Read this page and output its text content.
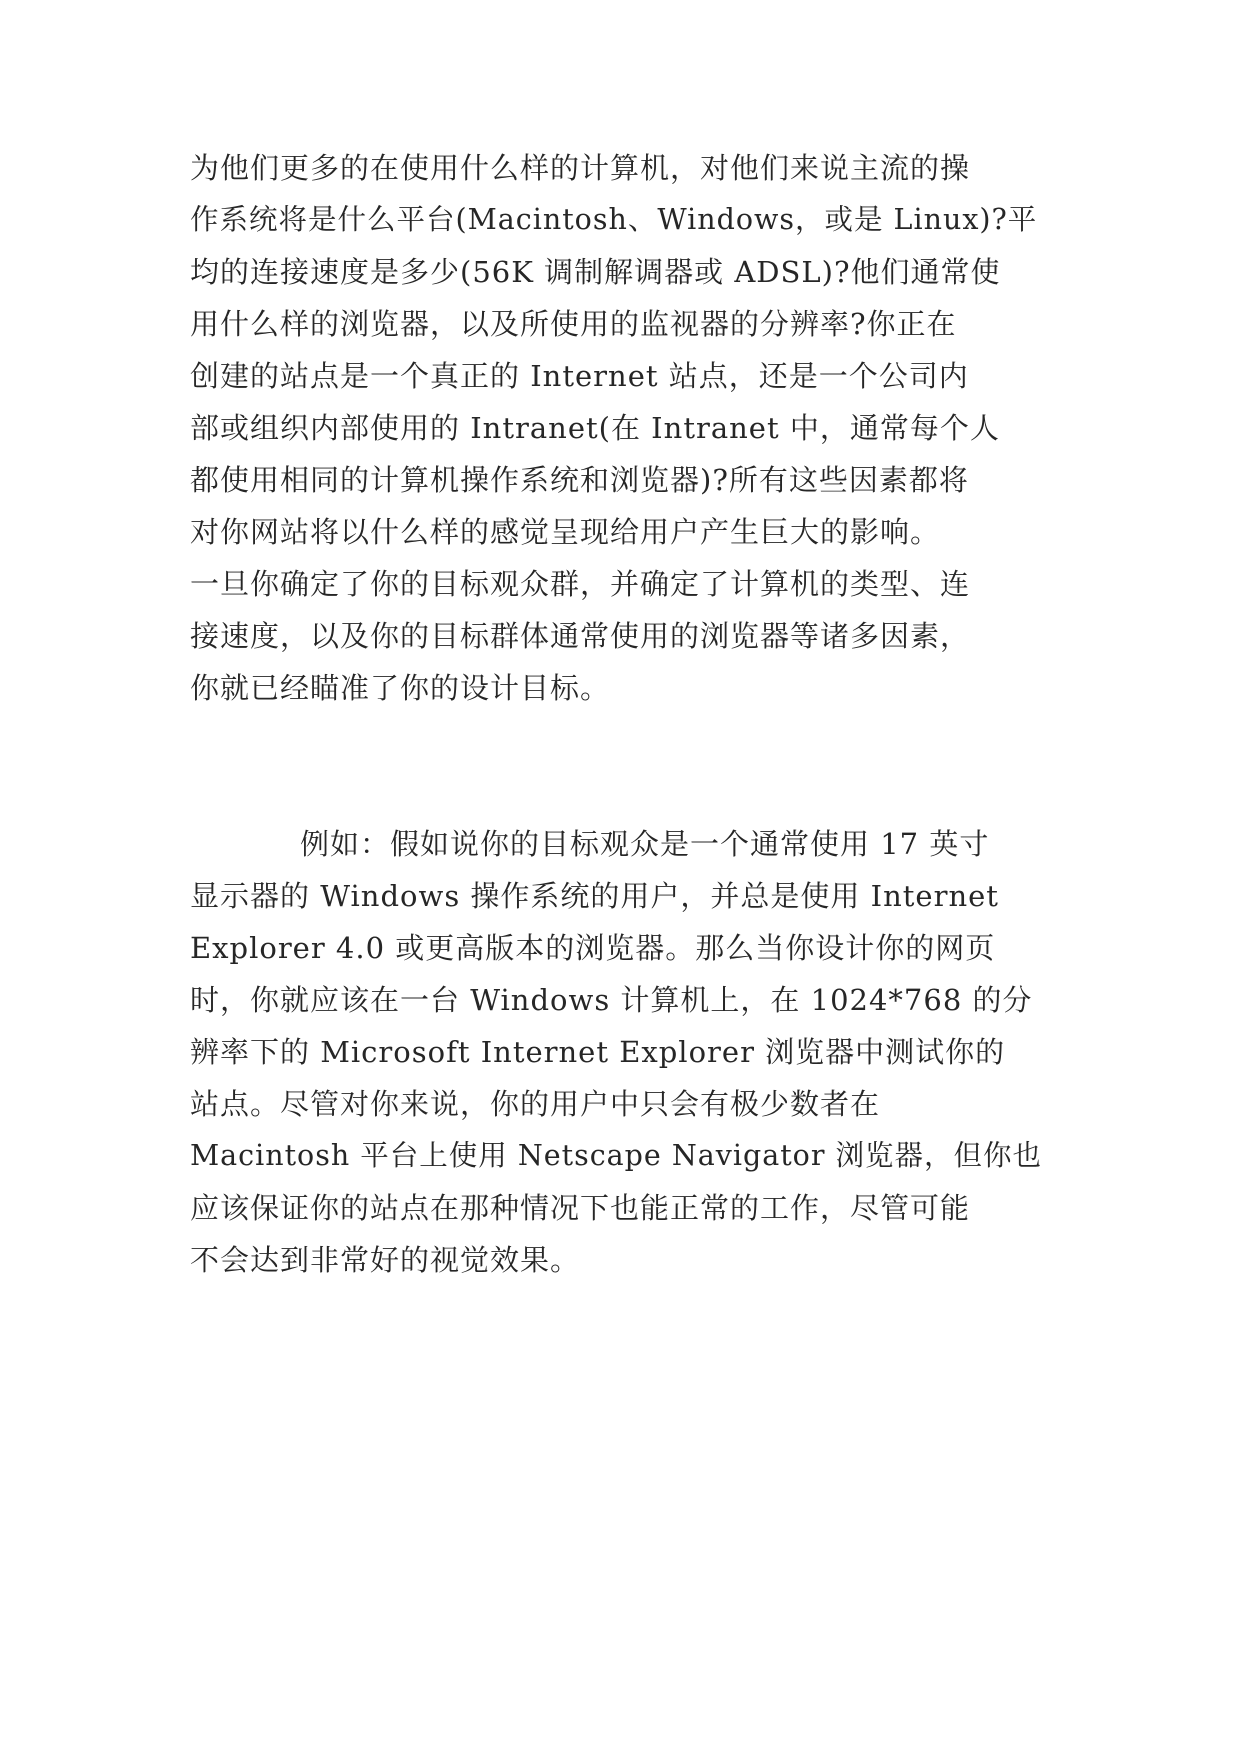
为他们更多的在使用什么样的计算机，对他们来说主流的操
作系统将是什么平台(Macintosh、Windows，或是 Linux)?平
均的连接速度是多少(56K 调制解调器或 ADSL)?他们通常使
用什么样的浏览器，以及所使用的监视器的分辨率?你正在
创建的站点是一个真正的 Internet 站点，还是一个公司内
部或组织内部使用的 Intranet(在 Intranet 中，通常每个人
都使用相同的计算机操作系统和浏览器)?所有这些因素都将
对你网站将以什么样的感觉呈现给用户产生巨大的影响。
一旦你确定了你的目标观众群，并确定了计算机的类型、连
接速度，以及你的目标群体通常使用的浏览器等诸多因素，
你就已经瞄准了你的设计目标。
例如：假如说你的目标观众是一个通常使用 17 英寸
显示器的 Windows 操作系统的用户，并总是使用 Internet
Explorer 4.0 或更高版本的浏览器。那么当你设计你的网页
时，你就应该在一台 Windows 计算机上，在 1024*768 的分
辨率下的 Microsoft Internet Explorer 浏览器中测试你的
站点。尽管对你来说，你的用户中只会有极少数者在
Macintosh 平台上使用 Netscape Navigator 浏览器，但你也
应该保证你的站点在那种情况下也能正常的工作，尽管可能
不会达到非常好的视觉效果。
